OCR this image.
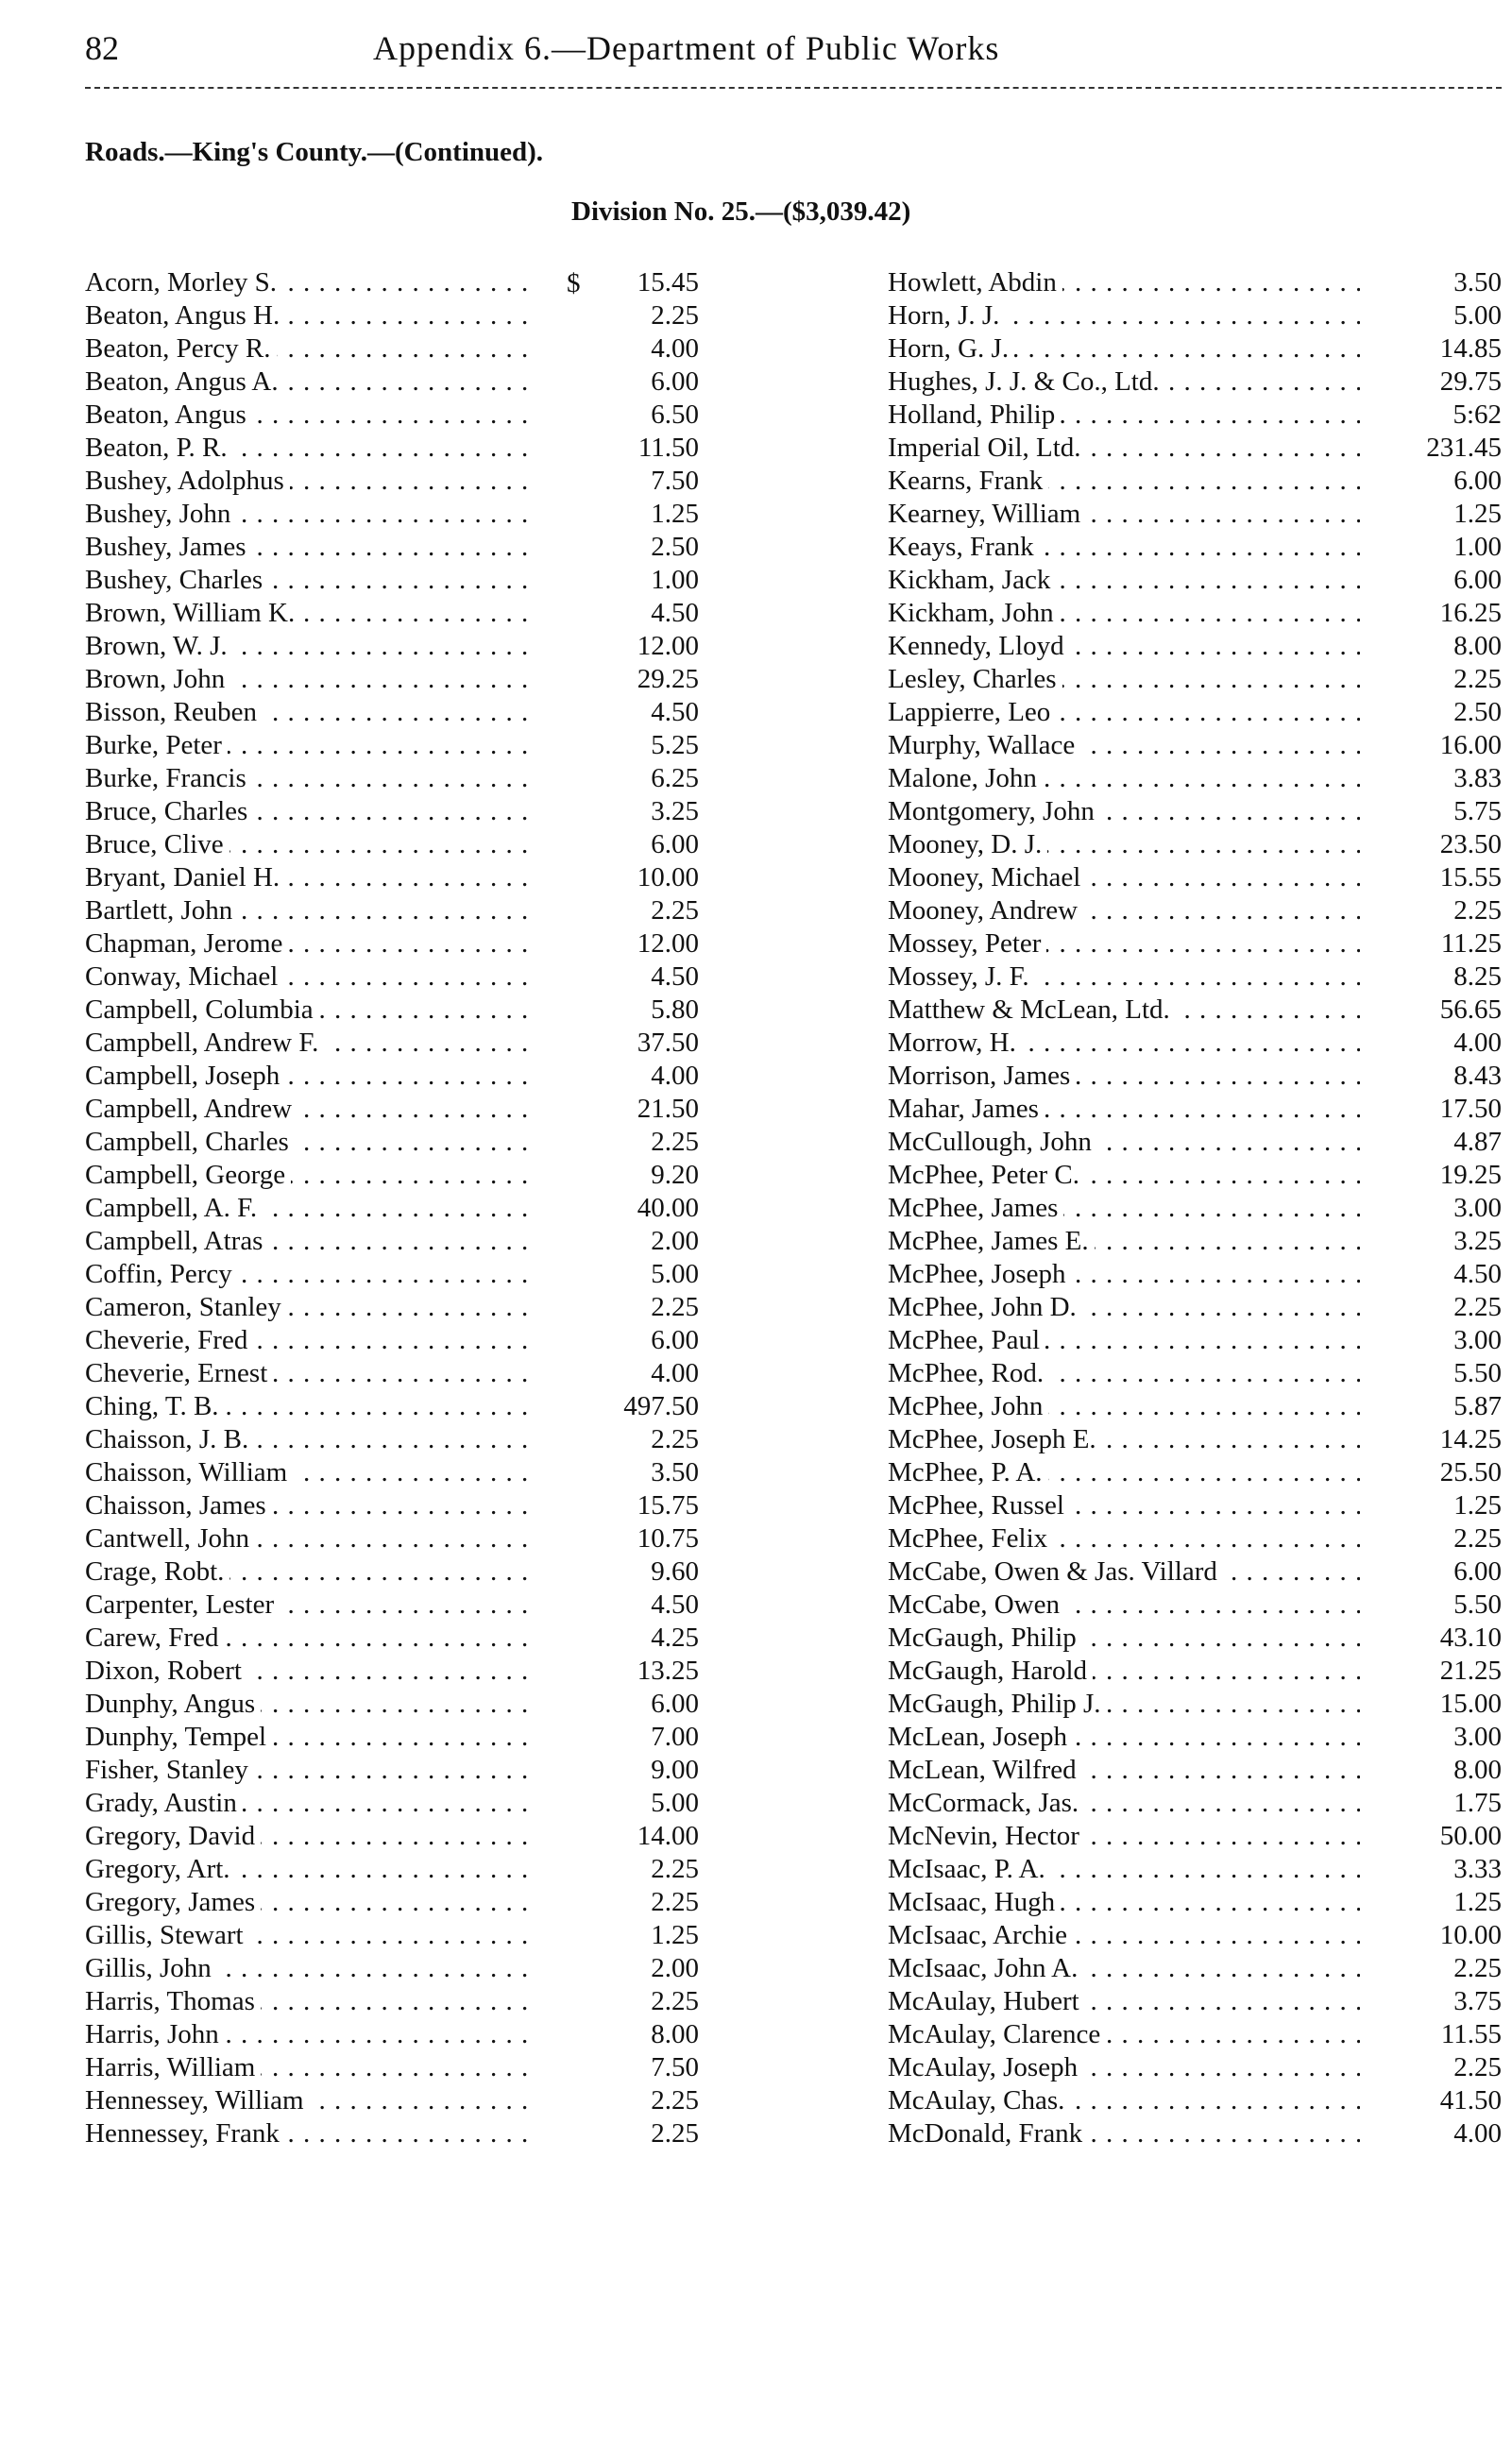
82	Appendix 6.—Department of Public Works
Roads.—King's County.—(Continued).
Division No. 25.—($3,039.42)
$
Acorn, Morley S. . . .	15.45
Beaton, Angus H. . . .	2.25
Beaton, Percy R. . . .	4.00
Beaton, Angus A. . . .	6.00
Beaton, Angus . . .	6.50
Beaton, P. R. . . .	11.50
Bushey, Adolphus . . .	7.50
Bushey, John . . .	1.25
Bushey, James . . .	2.50
Bushey, Charles . . .	1.00
Brown, William K. . . .	4.50
Brown, W. J. . . .	12.00
Brown, John . . .	29.25
Bisson, Reuben . . .	4.50
Burke, Peter . . .	5.25
Burke, Francis . . .	6.25
Bruce, Charles . . .	3.25
Bruce, Clive . . .	6.00
Bryant, Daniel H. . . .	10.00
Bartlett, John . . .	2.25
Chapman, Jerome . . .	12.00
Conway, Michael . . .	4.50
Campbell, Columbia . . .	5.80
Campbell, Andrew F. . . .	37.50
Campbell, Joseph . . .	4.00
Campbell, Andrew . . .	21.50
Campbell, Charles . . .	2.25
Campbell, George . . .	9.20
Campbell, A. F. . . .	40.00
Campbell, Atras . . .	2.00
Coffin, Percy . . .	5.00
Cameron, Stanley . . .	2.25
Cheverie, Fred . . .	6.00
Cheverie, Ernest . . .	4.00
Ching, T. B. . . .	497.50
Chaisson, J. B. . . .	2.25
Chaisson, William . . .	3.50
Chaisson, James . . .	15.75
Cantwell, John . . .	10.75
Crage, Robt. . . .	9.60
Carpenter, Lester . . .	4.50
Carew, Fred . . .	4.25
Dixon, Robert . . .	13.25
Dunphy, Angus . . .	6.00
Dunphy, Tempel . . .	7.00
Fisher, Stanley . . .	9.00
Grady, Austin . . .	5.00
Gregory, David . . .	14.00
Gregory, Art. . . .	2.25
Gregory, James . . .	2.25
Gillis, Stewart . . .	1.25
Gillis, John . . .	2.00
Harris, Thomas . . .	2.25
Harris, John . . .	8.00
Harris, William . . .	7.50
Hennessey, William . . .	2.25
Hennessey, Frank . . .	2.25
Howlett, Abdin . . .	3.50
Horn, J. J. . . .	5.00
Horn, G. J. . . .	14.85
Hughes, J. J. & Co., Ltd. . . .	29.75
Holland, Philip . . .	5:62
Imperial Oil, Ltd. . . .	231.45
Kearns, Frank . . .	6.00
Kearney, William . . .	1.25
Keays, Frank . . .	1.00
Kickham, Jack . . .	6.00
Kickham, John . . .	16.25
Kennedy, Lloyd . . .	8.00
Lesley, Charles . . .	2.25
Lappierre, Leo . . .	2.50
Murphy, Wallace . . .	16.00
Malone, John . . .	3.83
Montgomery, John . . .	5.75
Mooney, D. J. . . .	23.50
Mooney, Michael . . .	15.55
Mooney, Andrew . . .	2.25
Mossey, Peter . . .	11.25
Mossey, J. F. . . .	8.25
Matthew & McLean, Ltd. . . .	56.65
Morrow, H. . . .	4.00
Morrison, James . . .	8.43
Mahar, James . . .	17.50
McCullough, John . . .	4.87
McPhee, Peter C. . . .	19.25
McPhee, James . . .	3.00
McPhee, James E. . . .	3.25
McPhee, Joseph . . .	4.50
McPhee, John D. . . .	2.25
McPhee, Paul . . .	3.00
McPhee, Rod. . . .	5.50
McPhee, John . . .	5.87
McPhee, Joseph E. . . .	14.25
McPhee, P. A. . . .	25.50
McPhee, Russel . . .	1.25
McPhee, Felix . . .	2.25
McCabe, Owen & Jas. Villard . . .	6.00
McCabe, Owen . . .	5.50
McGaugh, Philip . . .	43.10
McGaugh, Harold . . .	21.25
McGaugh, Philip J. . . .	15.00
McLean, Joseph . . .	3.00
McLean, Wilfred . . .	8.00
McCormack, Jas. . . .	1.75
McNevin, Hector . . .	50.00
McIsaac, P. A. . . .	3.33
McIsaac, Hugh . . .	1.25
McIsaac, Archie . . .	10.00
McIsaac, John A. . . .	2.25
McAulay, Hubert . . .	3.75
McAulay, Clarence . . .	11.55
McAulay, Joseph . . .	2.25
McAulay, Chas. . . .	41.50
McDonald, Frank . . .	4.00
